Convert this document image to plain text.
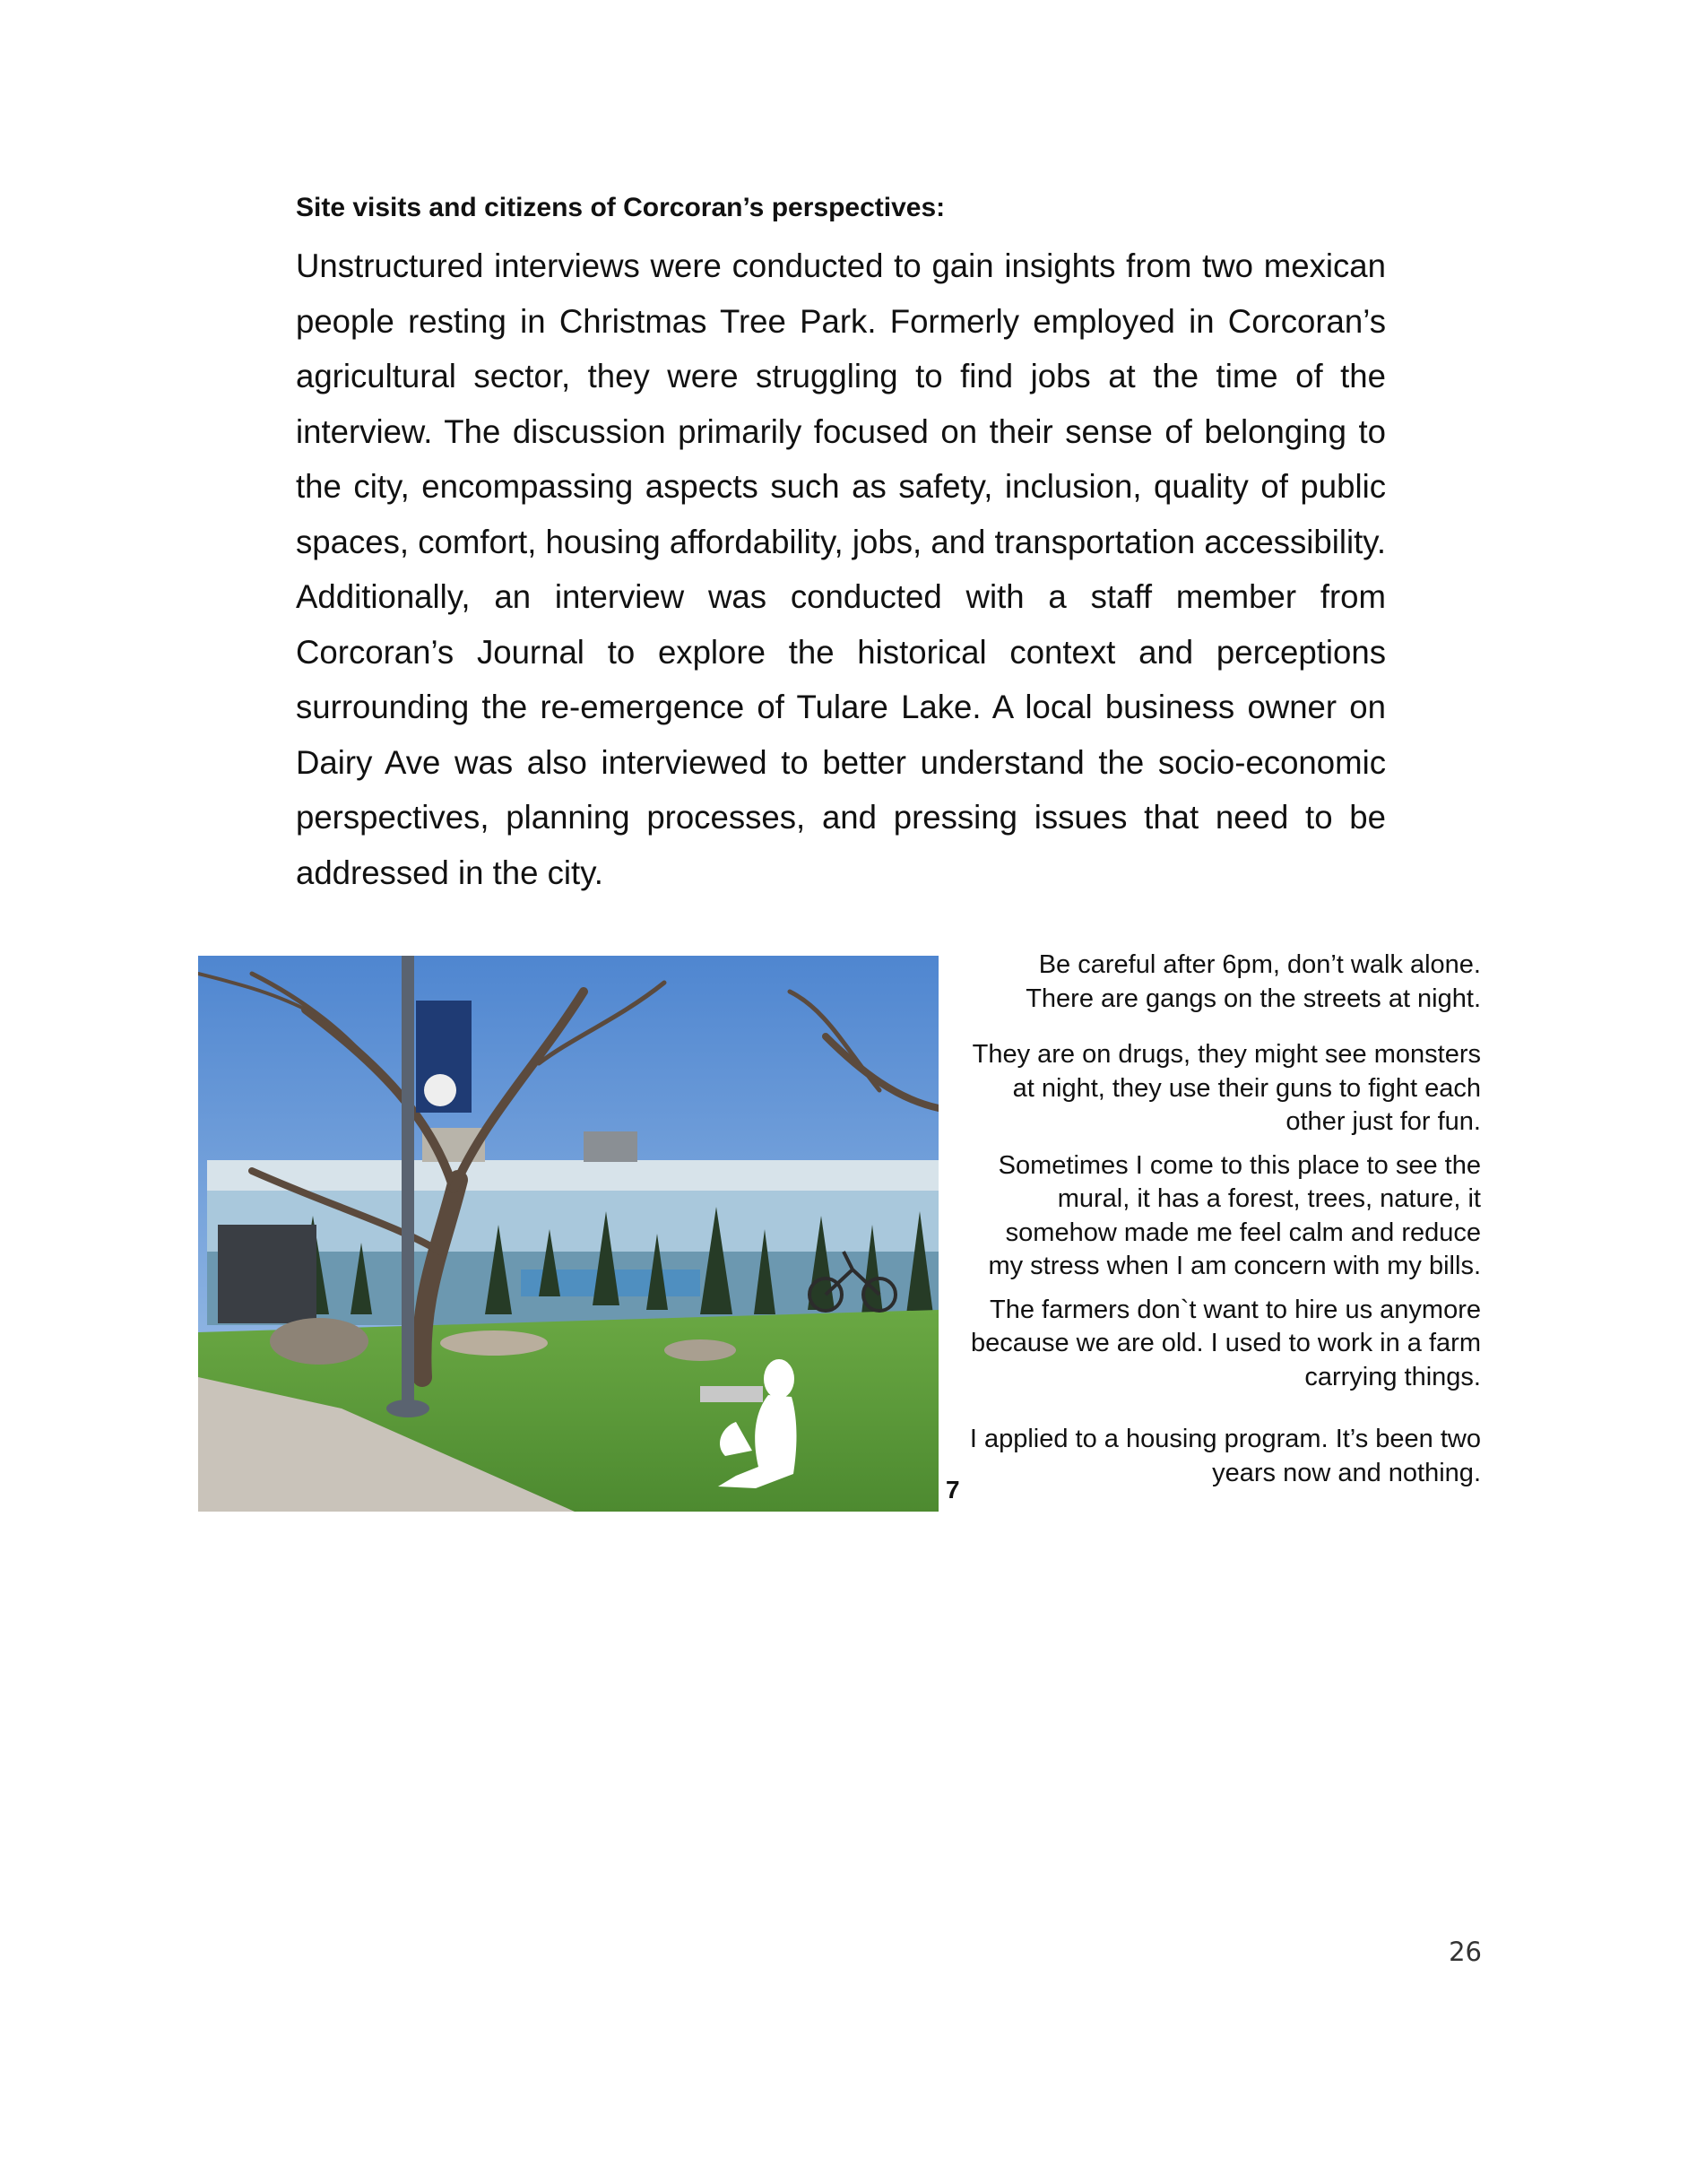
Site visits and citizens of Corcoran’s perspectives:

Unstructured interviews were conducted to gain insights from two mexican people resting in Christmas Tree Park. Formerly employed in Corcoran’s agricultural sector, they were struggling to find jobs at the time of the interview. The discussion primarily focused on their sense of belonging to the city, encompassing aspects such as safety, inclusion, quality of public spaces, comfort, housing affordability, jobs, and transportation accessibility. Additionally, an interview was conducted with a staff member from Corcoran’s Journal to explore the historical context and perceptions surrounding the re-emergence of Tulare Lake. A local business owner on Dairy Ave was also interviewed to better understand the socio-economic perspectives, planning processes, and pressing issues that need to be addressed in the city.

7

Be careful after 6pm, don’t walk alone. There are gangs on the streets at night.

They are on drugs, they might see monsters at night, they use their guns to fight each other just for fun.

Sometimes I come to this place to see the mural, it has a forest, trees, nature, it somehow made me feel calm and reduce my stress when I am concern with my bills.

The farmers don`t want to hire us anymore because we are old. I used to work in a farm carrying things.

I applied to a housing program. It’s been two years now and nothing.

26
